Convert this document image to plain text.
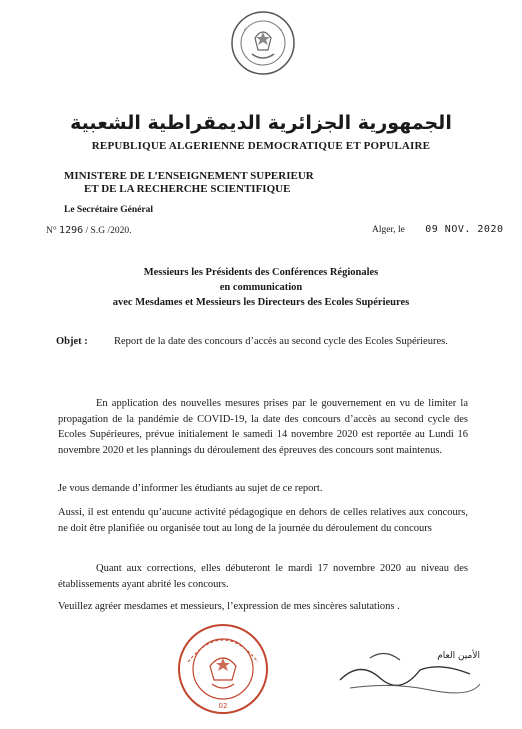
الجمهورية الجزائرية الديمقراطية الشعبية
REPUBLIQUE ALGERIENNE DEMOCRATIQUE ET POPULAIRE
MINISTERE DE L’ENSEIGNEMENT SUPERIEUR
ET DE LA RECHERCHE SCIENTIFIQUE
Le Secrétaire Général
N° 1296 / S.G /2020.	Alger, le 09 NOV. 2020
Messieurs les Présidents des Conférences Régionales
en communication
avec Mesdames et Messieurs les Directeurs des Ecoles Supérieures
Objet : Report de la date des concours d’accès au second cycle des Ecoles Supérieures.
En application des nouvelles mesures prises par le gouvernement en vu de limiter la propagation de la pandémie de COVID-19, la date des concours d’accès au second cycle des Ecoles Supérieures, prévue initialement le samedi 14 novembre 2020 est reportée au Lundi 16 novembre 2020 et les plannings du déroulement des épreuves des concours sont maintenus.
Je vous demande d’informer les étudiants au sujet de ce report.
Aussi, il est entendu qu’aucune activité pédagogique en dehors de celles relatives aux concours, ne doit être planifiée ou organisée tout au long de la journée du déroulement du concours
Quant aux corrections, elles débuteront le mardi 17 novembre 2020 au niveau des établissements ayant abrité les concours.
Veuillez agréer mesdames et messieurs, l’expression de mes sincères salutations .
02
الأمين العام
